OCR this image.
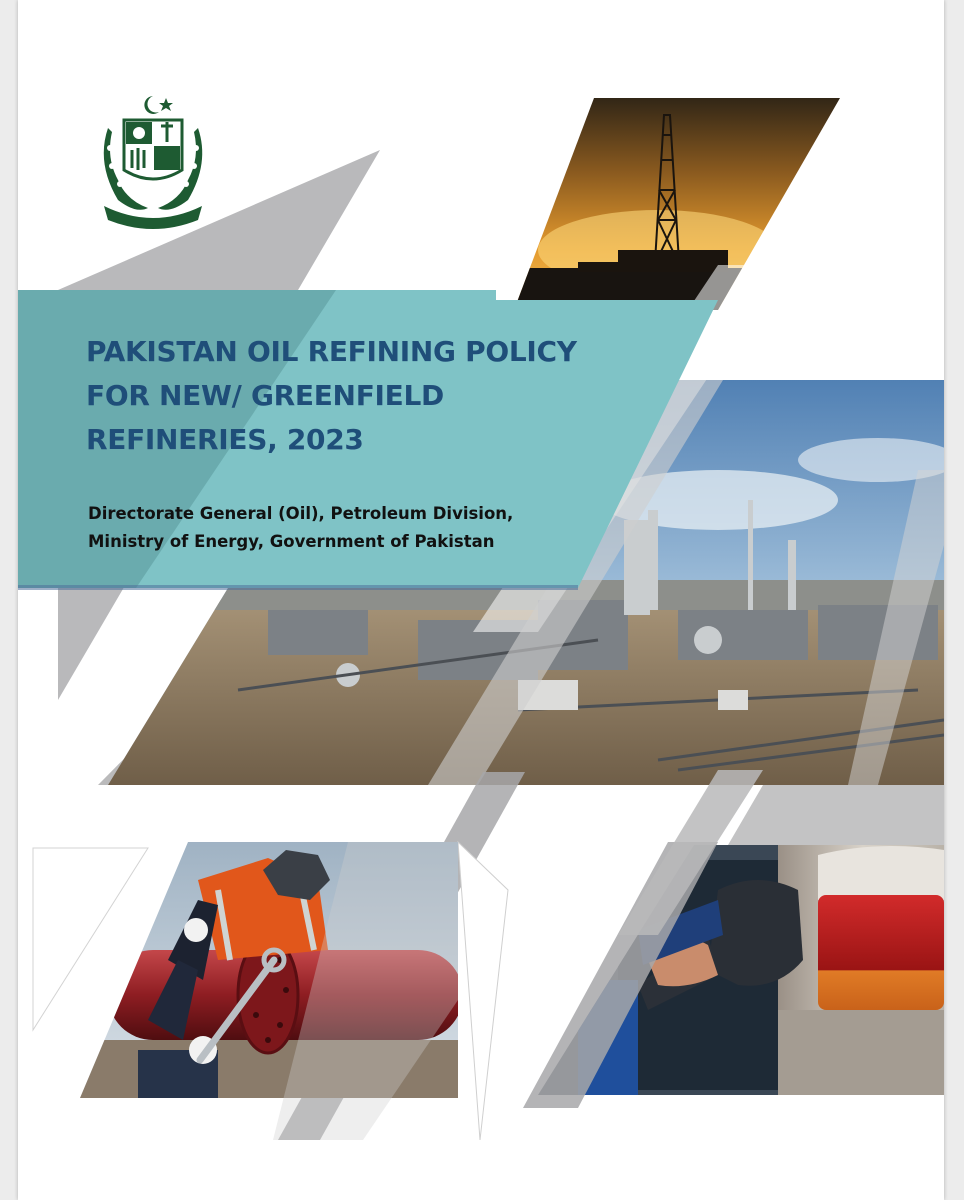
PAKISTAN OIL REFINING POLICY
FOR NEW/ GREENFIELD
REFINERIES, 2023

Directorate General (Oil), Petroleum Division,
Ministry of Energy, Government of Pakistan
